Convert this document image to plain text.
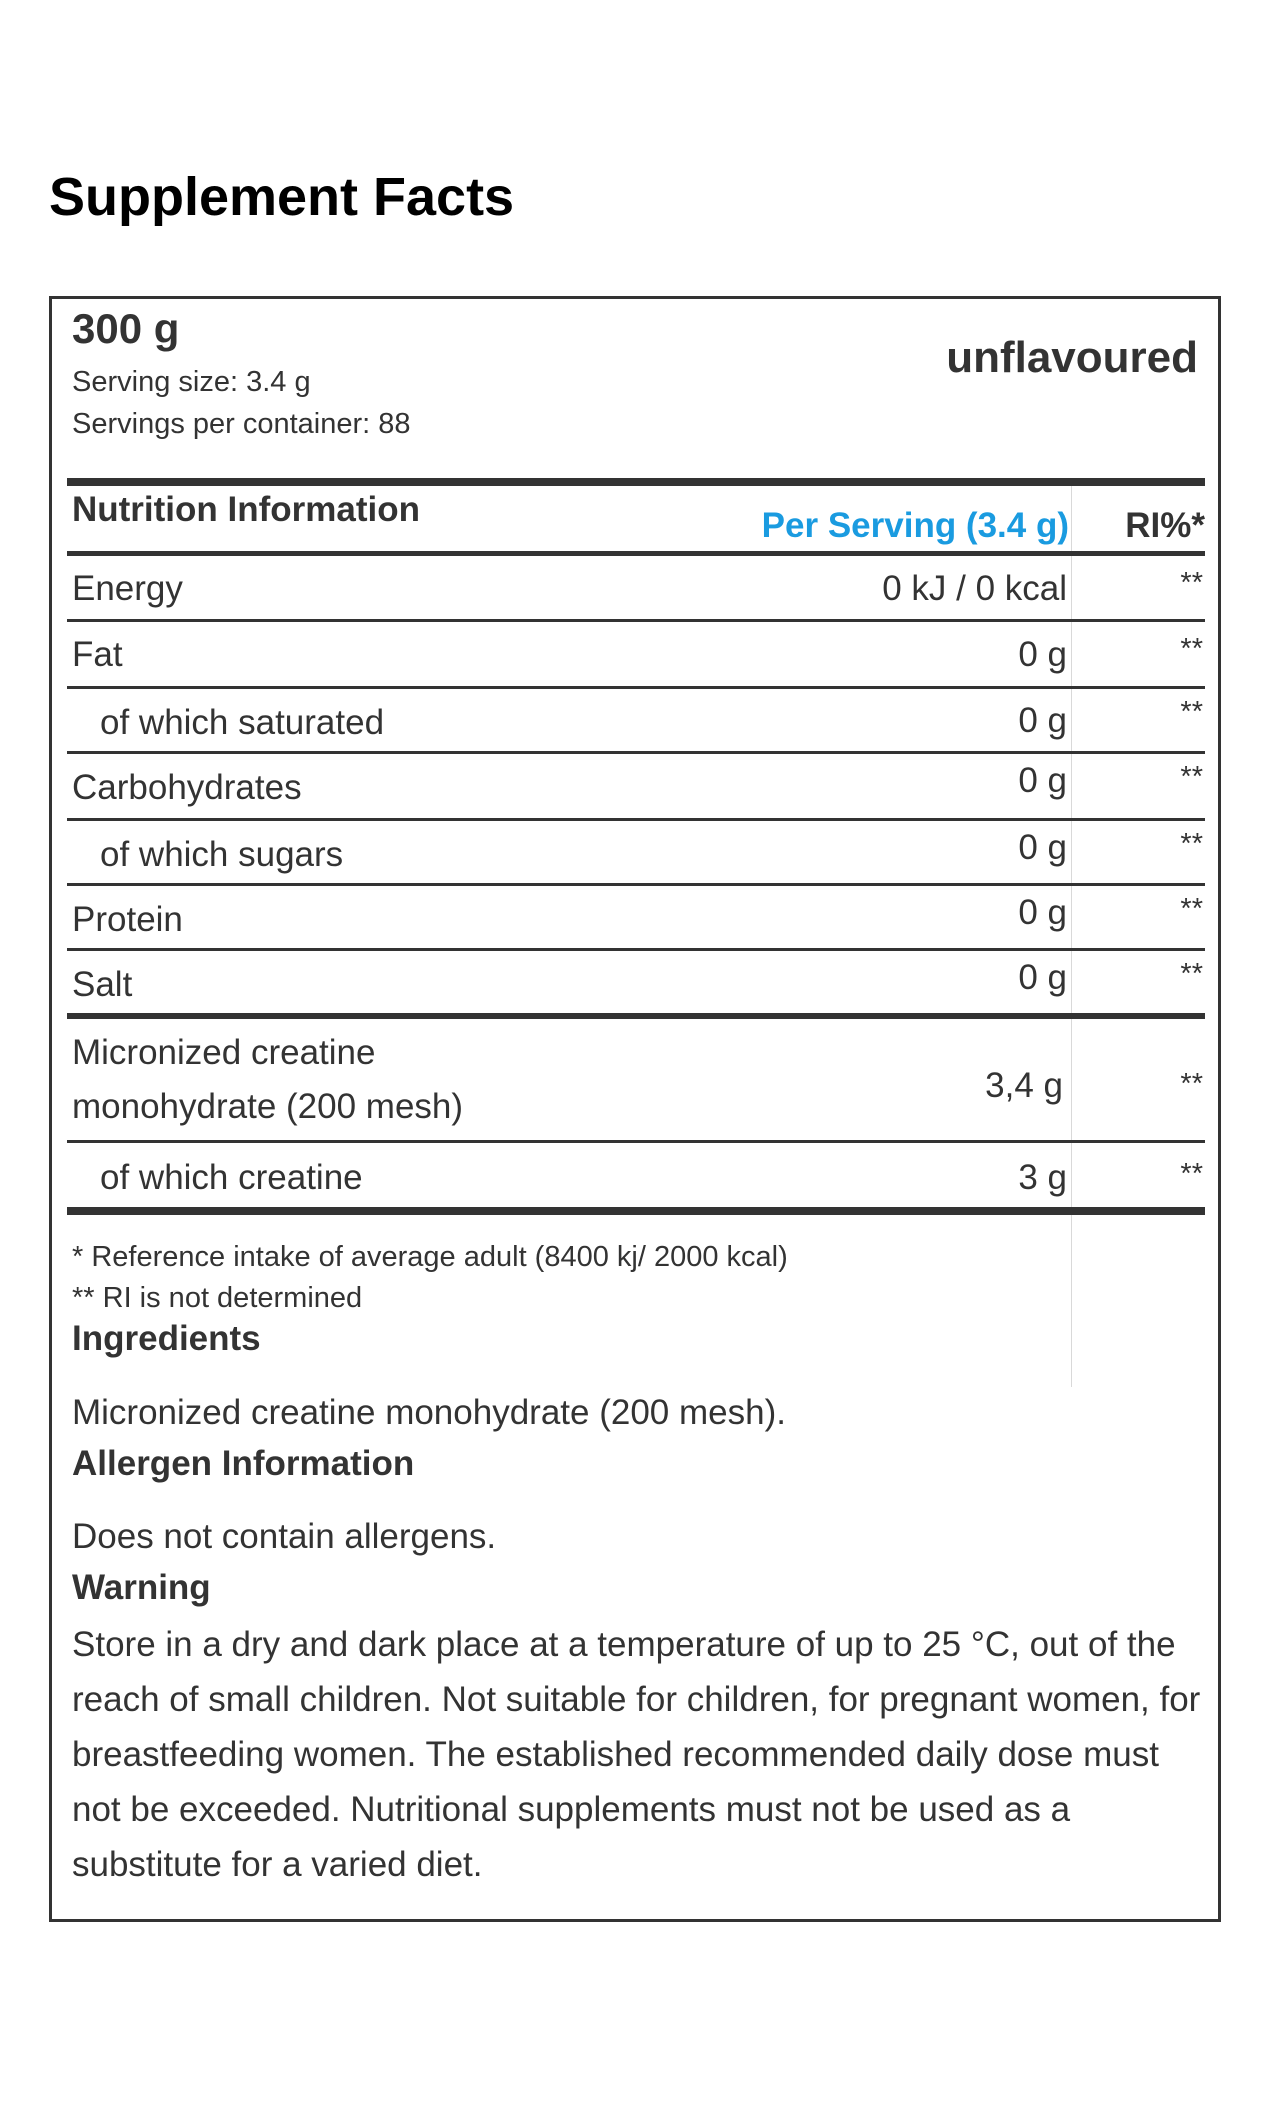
Supplement Facts
300 g
unflavoured
Serving size: 3.4 g
Servings per container: 88
Nutrition Information	Per Serving (3.4 g) RI%*
Energy	0 kJ / 0 kcal	**
Fat	0 g	**
of which saturated	0 g	**
Carbohydrates	0 g	**
of which sugars	0 g	**
Protein	0 g	**
Salt	0 g	**
Micronized creatine
monohydrate (200 mesh)
3,4 g	**
of which creatine	3 g	**
* Reference intake of average adult (8400 kj/ 2000 kcal)
** RI is not determined
Ingredients
Micronized creatine monohydrate (200 mesh).
Allergen Information
Does not contain allergens.
Warning
Store in a dry and dark place at a temperature of up to 25 °C, out of the reach of small children. Not suitable for children, for pregnant women, for breastfeeding women. The established recommended daily dose must not be exceeded. Nutritional supplements must not be used as a substitute for a varied diet.
